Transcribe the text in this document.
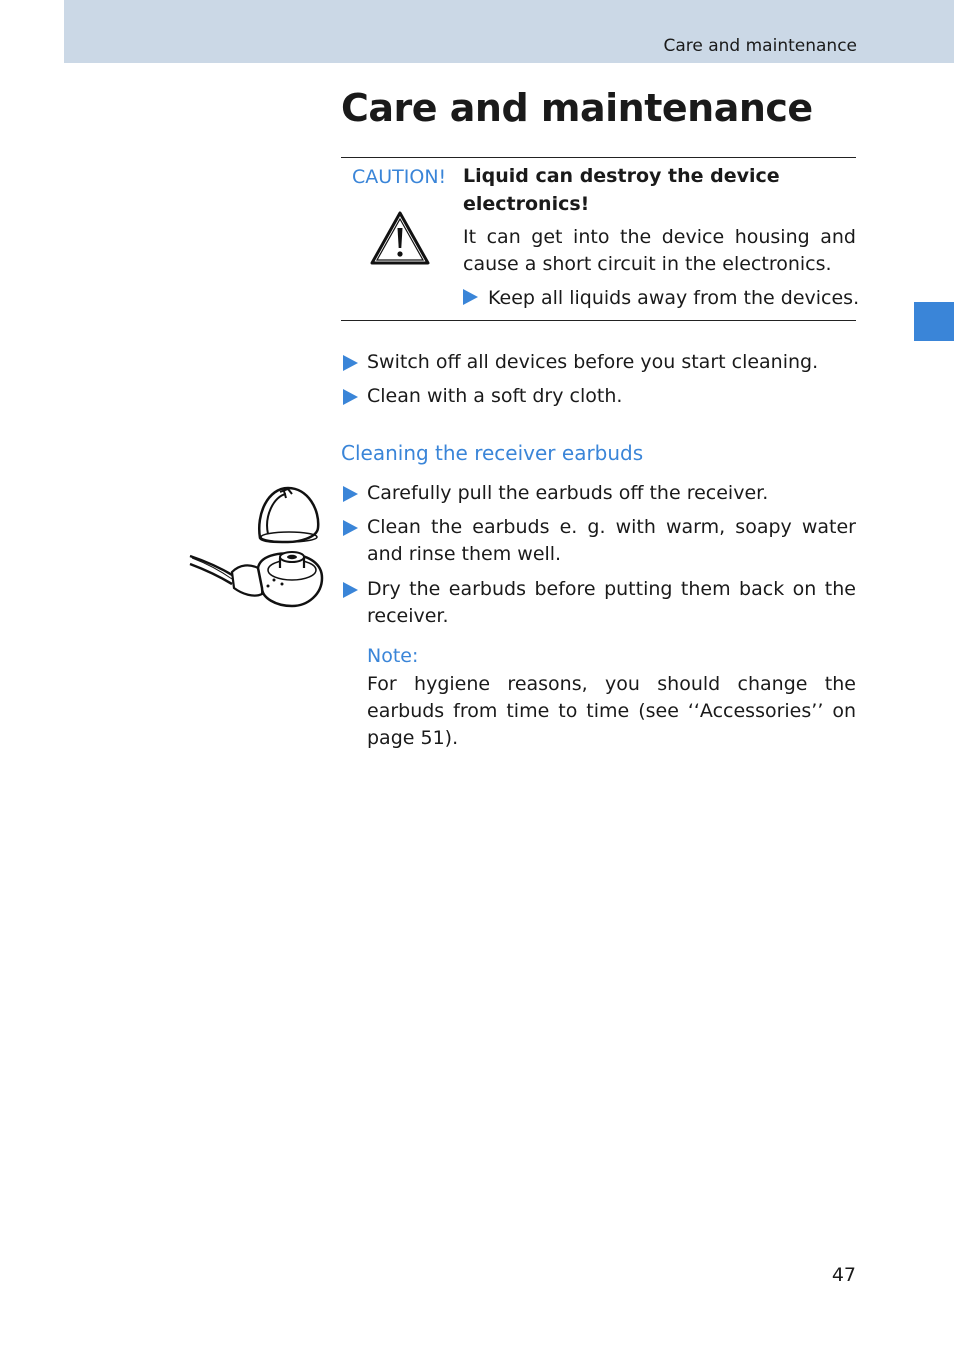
Care and maintenance
Care and maintenance
CAUTION! Liquid can destroy the device electronics!

It can get into the device housing and cause a short circuit in the electronics.

Keep all liquids away from the devices.
Switch off all devices before you start cleaning.
Clean with a soft dry cloth.
Cleaning the receiver earbuds
Carefully pull the earbuds off the receiver.
Clean the earbuds e. g. with warm, soapy water and rinse them well.
Dry the earbuds before putting them back on the receiver.
Note:

For hygiene reasons, you should change the earbuds from time to time (see ‘‘Accessories’’ on page 51).

47
